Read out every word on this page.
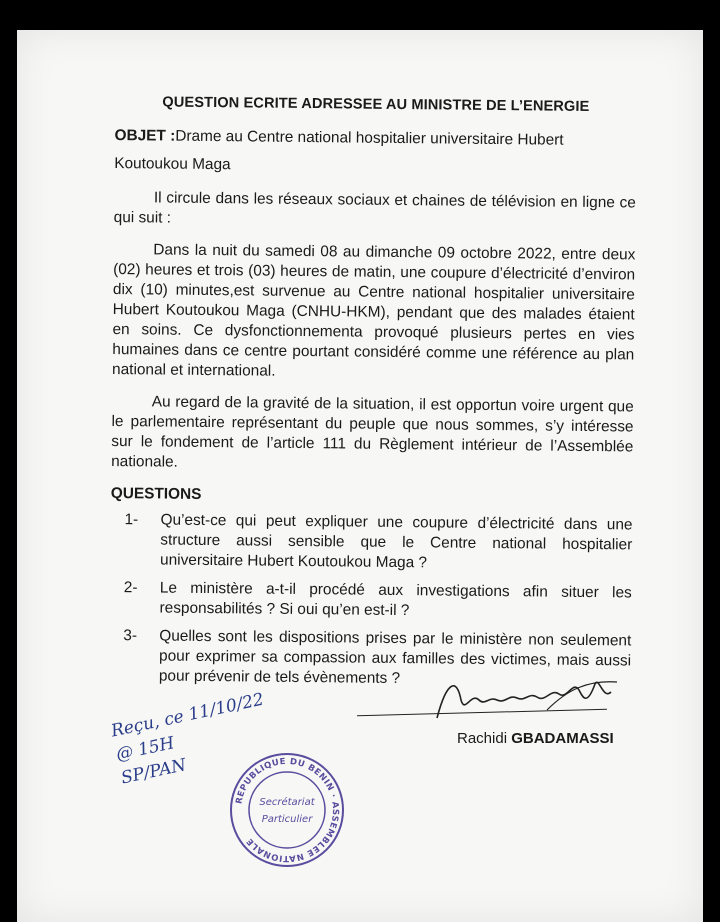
QUESTION ECRITE ADRESSEE AU MINISTRE DE L’ENERGIE
OBJET :Drame au Centre national hospitalier universitaire Hubert
Koutoukou Maga

Il circule dans les réseaux sociaux et chaines de télévision en ligne ce qui suit :

Dans la nuit du samedi 08 au dimanche 09 octobre 2022, entre deux (02) heures et trois (03) heures de matin, une coupure d’électricité d’environ dix (10) minutes,est survenue au Centre national hospitalier universitaire Hubert Koutoukou Maga (CNHU-HKM), pendant que des malades étaient en soins. Ce dysfonctionnementa provoqué plusieurs pertes en vies humaines dans ce centre pourtant considéré comme une référence au plan national et international.

Au regard de la gravité de la situation, il est opportun voire urgent que le parlementaire représentant du peuple que nous sommes, s’y intéresse sur le fondement de l’article 111 du Règlement intérieur de l’Assemblée nationale.

QUESTIONS
1- Qu’est-ce qui peut expliquer une coupure d’électricité dans une structure aussi sensible que le Centre national hospitalier universitaire Hubert Koutoukou Maga ?
2- Le ministère a-t-il procédé aux investigations afin situer les responsabilités ? Si oui qu’en est-il ?
3- Quelles sont les dispositions prises par le ministère non seulement pour exprimer sa compassion aux familles des victimes, mais aussi pour prévenir de tels évènements ?
Rachidi GBADAMASSI
Reçu, ce 11/10/22
@ 15H
SP/PAN
REPUBLIQUE DU BENIN · ASSEMBLEE NATIONALE
Secrétariat
Particulier
